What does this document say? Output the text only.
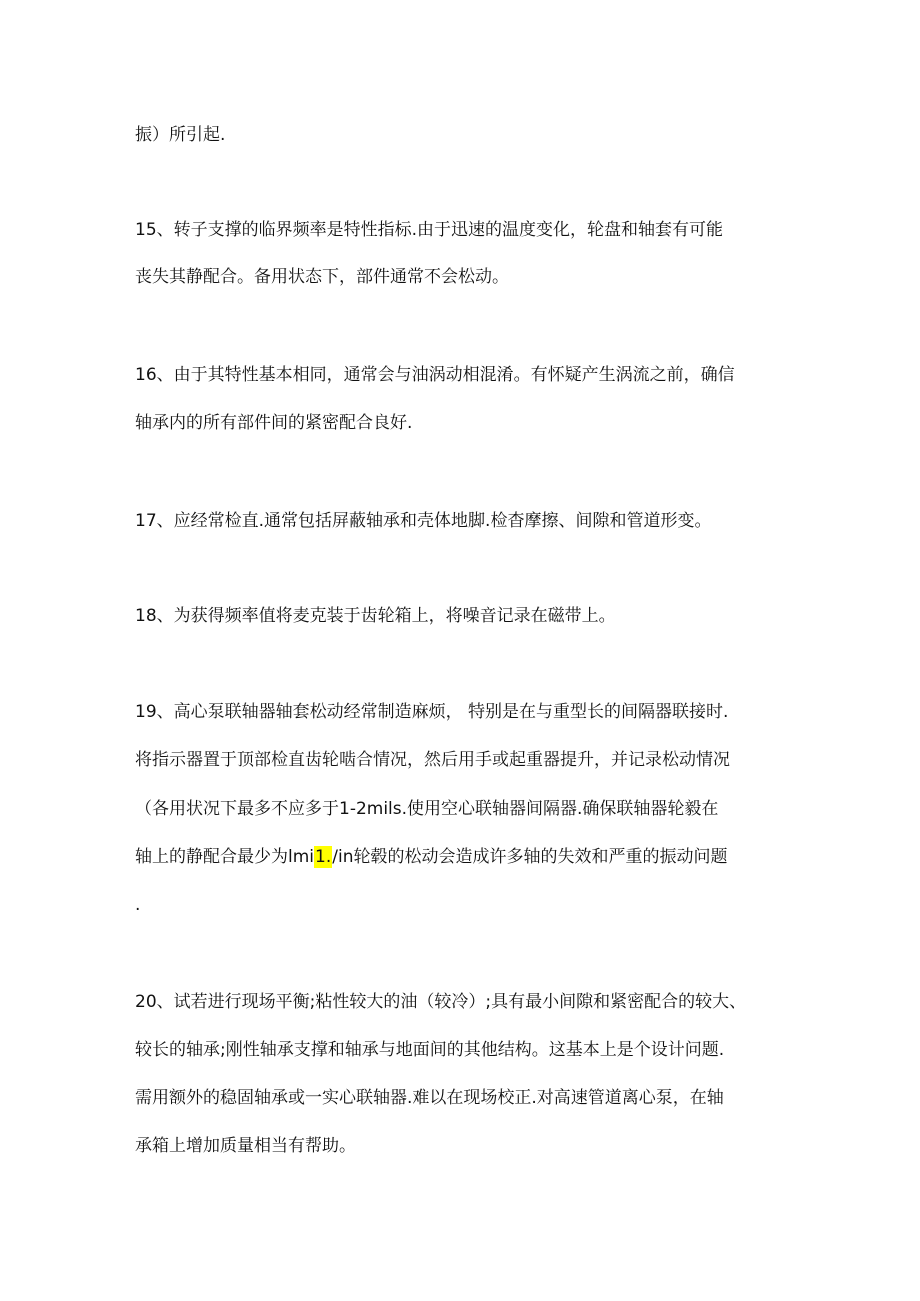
振）所引起.
15、转子支撑的临界频率是特性指标.由于迅速的温度变化，轮盘和轴套有可能
丧失其静配合。备用状态下，部件通常不会松动。
16、由于其特性基本相同，通常会与油涡动相混淆。有怀疑产生涡流之前，确信
轴承内的所有部件间的紧密配合良好.
17、应经常检直.通常包括屏蔽轴承和壳体地脚.检杳摩擦、间隙和管道形变。
18、为获得频率值将麦克装于齿轮箱上，将噪音记录在磁带上。
19、高心泵联轴器轴套松动经常制造麻烦， 特别是在与重型长的间隔器联接时.
将指示器置于顶部检直齿轮啮合情况，然后用手或起重器提升，并记录松动情况
（各用状况下最多不应多于1-2mils.使用空心联轴器间隔器.确保联轴器轮毅在
轴上的静配合最少为lmi1./in轮毂的松动会造成许多轴的失效和严重的振动问题
.
20、试若进行现场平衡;粘性较大的油（较冷）;具有最小间隙和紧密配合的较大、
较长的轴承;刚性轴承支撑和轴承与地面间的其他结构。这基本上是个设计问题.
需用额外的稳固轴承或一实心联轴器.难以在现场校正.对高速管道离心泵，在轴
承箱上增加质量相当有帮助。
